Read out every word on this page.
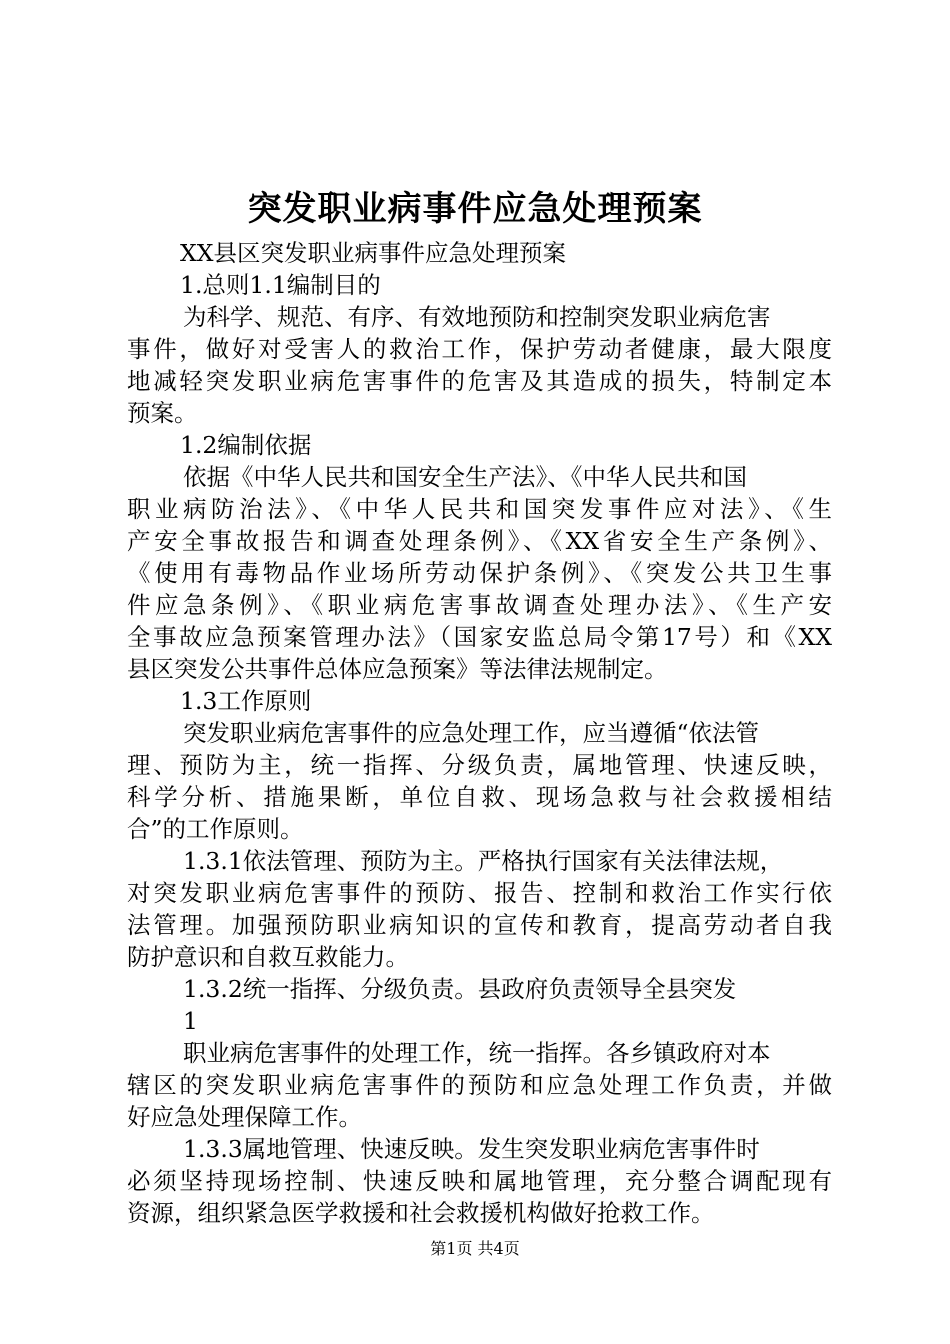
突发职业病事件应急处理预案
XX县区突发职业病事件应急处理预案
1.总则1.1编制目的
为科学、规范、有序、有效地预防和控制突发职业病危害
事件，做好对受害人的救治工作，保护劳动者健康，最大限度
地减轻突发职业病危害事件的危害及其造成的损失，特制定本
预案。
1.2编制依据
依据《中华人民共和国安全生产法》、《中华人民共和国
职业病防治法》、《中华人民共和国突发事件应对法》、《生
产安全事故报告和调查处理条例》、《XX省安全生产条例》、
《使用有毒物品作业场所劳动保护条例》、《突发公共卫生事
件应急条例》、《职业病危害事故调查处理办法》、《生产安
全事故应急预案管理办法》（国家安监总局令第17号）和《XX
县区突发公共事件总体应急预案》等法律法规制定。
1.3工作原则
突发职业病危害事件的应急处理工作，应当遵循“依法管
理、预防为主，统一指挥、分级负责，属地管理、快速反映，
科学分析、措施果断，单位自救、现场急救与社会救援相结
合”的工作原则。
1.3.1依法管理、预防为主。严格执行国家有关法律法规，
对突发职业病危害事件的预防、报告、控制和救治工作实行依
法管理。加强预防职业病知识的宣传和教育，提高劳动者自我
防护意识和自救互救能力。
1.3.2统一指挥、分级负责。县政府负责领导全县突发
1
职业病危害事件的处理工作，统一指挥。各乡镇政府对本
辖区的突发职业病危害事件的预防和应急处理工作负责，并做
好应急处理保障工作。
1.3.3属地管理、快速反映。发生突发职业病危害事件时
必须坚持现场控制、快速反映和属地管理，充分整合调配现有
资源，组织紧急医学救援和社会救援机构做好抢救工作。
第1页 共4页
